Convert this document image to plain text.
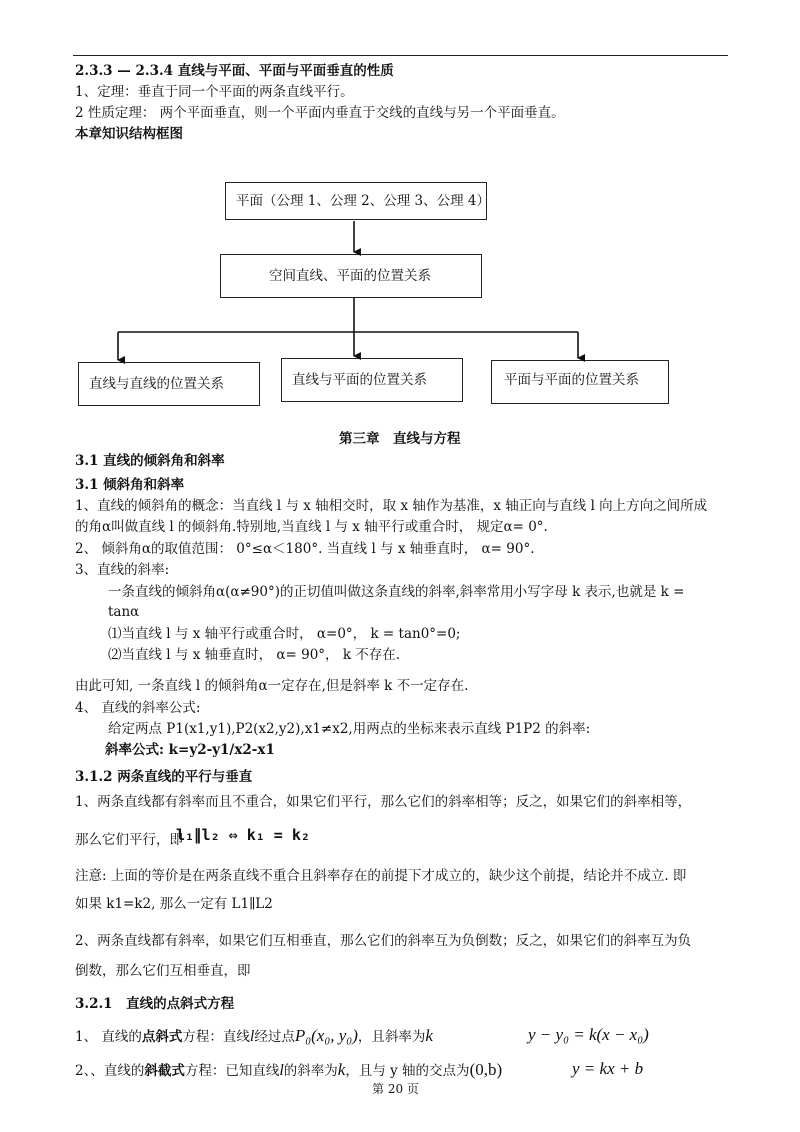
2.3.3 — 2.3.4 直线与平面、平面与平面垂直的性质
1、定理：垂直于同一个平面的两条直线平行。
2 性质定理： 两个平面垂直，则一个平面内垂直于交线的直线与另一个平面垂直。
本章知识结构框图
平面（公理 1、公理 2、公理 3、公理 4）
空间直线、平面的位置关系
直线与直线的位置关系	直线与平面的位置关系	平面与平面的位置关系
第三章　直线与方程
3.1 直线的倾斜角和斜率
3.1 倾斜角和斜率
1、直线的倾斜角的概念：当直线 l 与 x 轴相交时，取 x 轴作为基准，x 轴正向与直线 l 向上方向之间所成
的角α叫做直线 l 的倾斜角.特别地,当直线 l 与 x 轴平行或重合时， 规定α= 0°.
2、 倾斜角α的取值范围： 0°≤α＜180°. 当直线 l 与 x 轴垂直时， α= 90°.
3、直线的斜率:
一条直线的倾斜角α(α≠90°)的正切值叫做这条直线的斜率,斜率常用小写字母 k 表示,也就是 k =
tanα
⑴当直线 l 与 x 轴平行或重合时， α=0°， k = tan0°=0;
⑵当直线 l 与 x 轴垂直时， α= 90°， k 不存在.
由此可知, 一条直线 l 的倾斜角α一定存在,但是斜率 k 不一定存在.
4、 直线的斜率公式:
给定两点 P1(x1,y1),P2(x2,y2),x1≠x2,用两点的坐标来表示直线 P1P2 的斜率:
斜率公式: k=y2-y1/x2-x1
3.1.2 两条直线的平行与垂直
1、两条直线都有斜率而且不重合，如果它们平行，那么它们的斜率相等；反之，如果它们的斜率相等，
那么它们平行，即
l₁∥l₂ ⇔ k₁ = k₂
注意: 上面的等价是在两条直线不重合且斜率存在的前提下才成立的，缺少这个前提，结论并不成立. 即
如果 k1=k2, 那么一定有 L1∥L2
2、两条直线都有斜率，如果它们互相垂直，那么它们的斜率互为负倒数；反之，如果它们的斜率互为负
倒数，那么它们互相垂直，即
3.2.1　直线的点斜式方程
1、 直线的点斜式方程：直线l经过点P₀(x₀, y₀)，且斜率为k	y − y₀ = k(x − x₀)
2、、直线的斜截式方程：已知直线l的斜率为k，且与 y 轴的交点为(0,b)	y = kx + b
第 20 页
